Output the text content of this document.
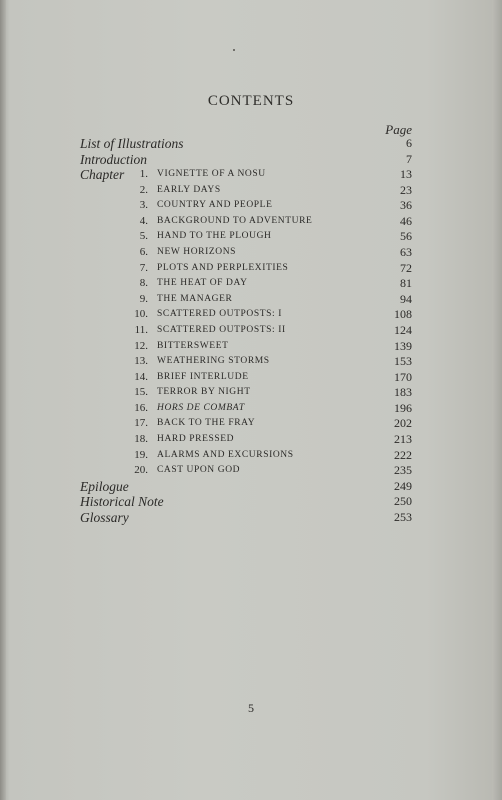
CONTENTS
Page
List of Illustrations	6
Introduction	7
Chapter	1. VIGNETTE OF A NOSU	13
2. EARLY DAYS	23
3. COUNTRY AND PEOPLE	36
4. BACKGROUND TO ADVENTURE	46
5. HAND TO THE PLOUGH	56
6. NEW HORIZONS	63
7. PLOTS AND PERPLEXITIES	72
8. THE HEAT OF DAY	81
9. THE MANAGER	94
10. SCATTERED OUTPOSTS: I	108
11. SCATTERED OUTPOSTS: II	124
12. BITTERSWEET	139
13. WEATHERING STORMS	153
14. BRIEF INTERLUDE	170
15. TERROR BY NIGHT	183
16. HORS DE COMBAT	196
17. BACK TO THE FRAY	202
18. HARD PRESSED	213
19. ALARMS AND EXCURSIONS	222
20. CAST UPON GOD	235
Epilogue	249
Historical Note	250
Glossary	253
5
